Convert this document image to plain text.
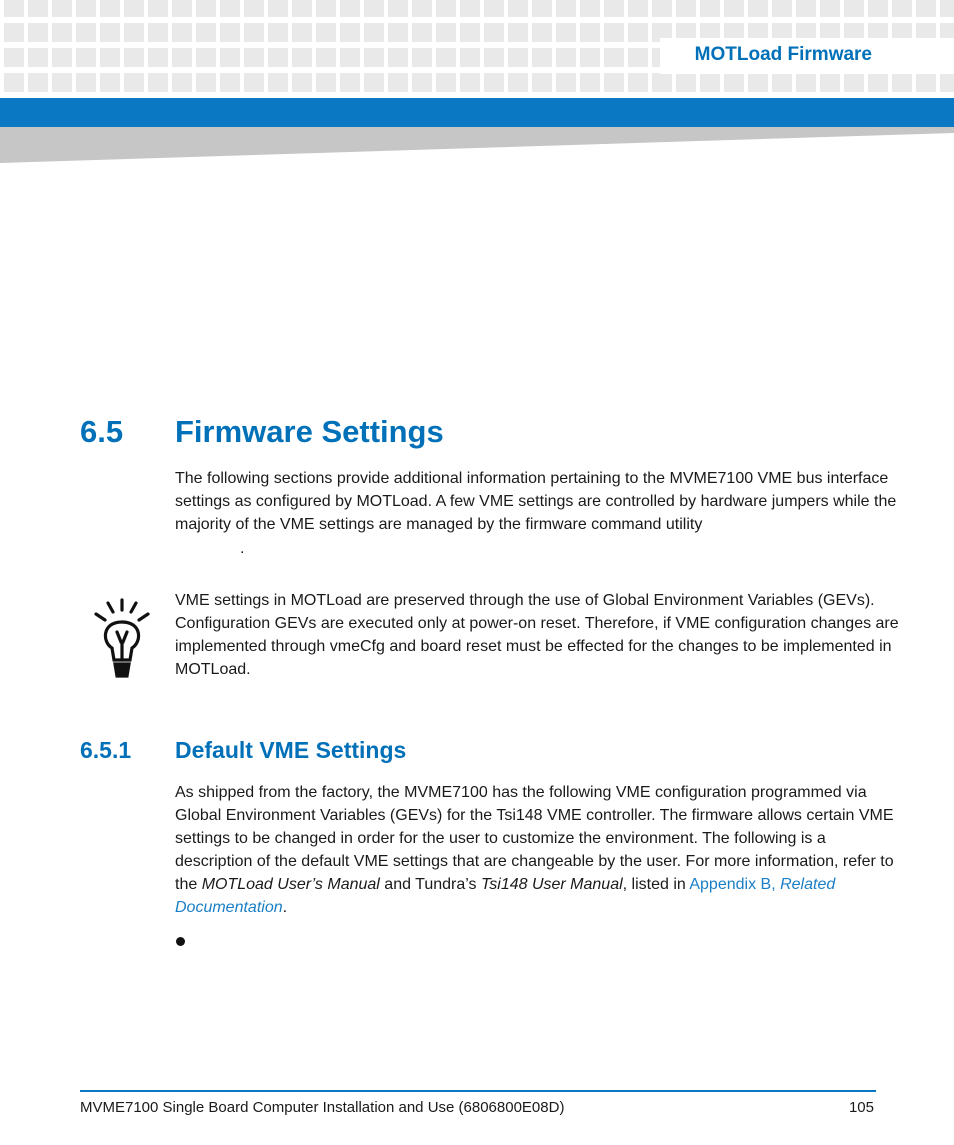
MOTLoad Firmware
6.5 Firmware Settings
The following sections provide additional information pertaining to the MVME7100 VME bus interface settings as configured by MOTLoad. A few VME settings are controlled by hardware jumpers while the majority of the VME settings are managed by the firmware command utility
.
VME settings in MOTLoad are preserved through the use of Global Environment Variables (GEVs). Configuration GEVs are executed only at power-on reset. Therefore, if VME configuration changes are implemented through vmeCfg and board reset must be effected for the changes to be implemented in MOTLoad.
6.5.1 Default VME Settings
As shipped from the factory, the MVME7100 has the following VME configuration programmed via Global Environment Variables (GEVs) for the Tsi148 VME controller. The firmware allows certain VME settings to be changed in order for the user to customize the environment. The following is a description of the default VME settings that are changeable by the user. For more information, refer to the MOTLoad User’s Manual and Tundra’s Tsi148 User Manual, listed in Appendix B, Related Documentation.
MVME7100 Single Board Computer Installation and Use (6806800E08D)	105
